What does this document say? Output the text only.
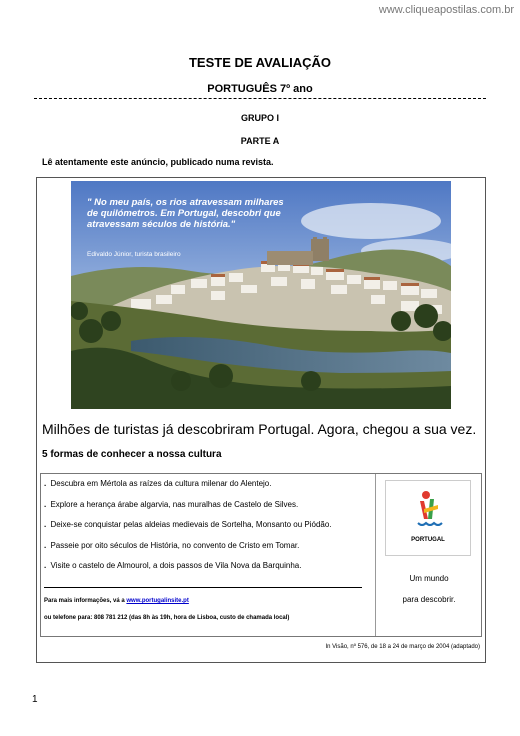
www.cliqueapostilas.com.br
TESTE DE AVALIAÇÃO
PORTUGUÊS 7º ano
GRUPO I
PARTE A
Lê atentamente este anúncio, publicado numa revista.
" No meu país, os rios atravessam milhares de quilómetros. Em Portugal, descobri que atravessam séculos de história."
Edivaldo Júnior, turista brasileiro
Milhões de turistas já descobriram Portugal. Agora, chegou a sua vez.
5 formas de conhecer a nossa cultura
. Descubra em Mértola as raízes da cultura milenar do Alentejo.
. Explore a herança árabe algarvia, nas muralhas de Castelo de Silves.
. Deixe-se conquistar pelas aldeias medievais de Sortelha, Monsanto ou Piódão.
. Passeie por oito séculos de História, no convento de Cristo em Tomar.
. Visite o castelo de Almourol, a dois passos de Vila Nova da Barquinha.
Para mais informações, vá a www.portugalinsite.pt
ou telefone para: 808 781 212 (das 8h às 19h, hora de Lisboa, custo de chamada local)
PORTUGAL
Um mundo
para descobrir.
In Visão, nº 576, de 18 a 24 de março de 2004 (adaptado)
1
